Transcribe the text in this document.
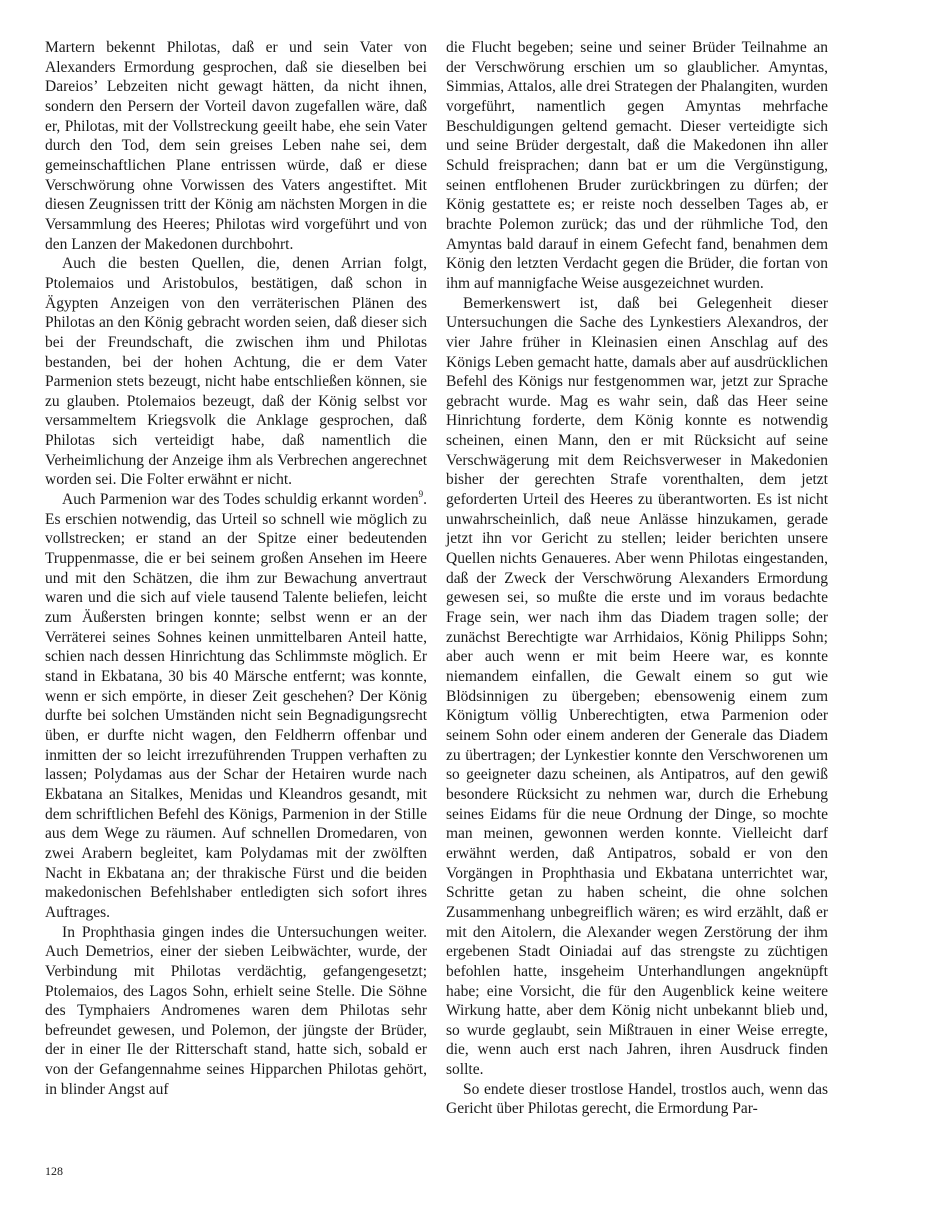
Martern bekennt Philotas, daß er und sein Vater von Alexanders Ermordung gesprochen, daß sie dieselben bei Dareios’ Lebzeiten nicht gewagt hätten, da nicht ihnen, sondern den Persern der Vorteil davon zugefallen wäre, daß er, Philotas, mit der Vollstreckung geeilt habe, ehe sein Vater durch den Tod, dem sein greises Leben nahe sei, dem gemeinschaftlichen Plane entrissen würde, daß er diese Verschwörung ohne Vorwissen des Vaters angestiftet. Mit diesen Zeugnissen tritt der König am nächsten Morgen in die Versammlung des Heeres; Philotas wird vorgeführt und von den Lanzen der Makedonen durchbohrt.

Auch die besten Quellen, die, denen Arrian folgt, Ptolemaios und Aristobulos, bestätigen, daß schon in Ägypten Anzeigen von den verräterischen Plänen des Philotas an den König gebracht worden seien, daß dieser sich bei der Freundschaft, die zwischen ihm und Philotas bestanden, bei der hohen Achtung, die er dem Vater Parmenion stets bezeugt, nicht habe entschließen können, sie zu glauben. Ptolemaios bezeugt, daß der König selbst vor versammeltem Kriegsvolk die Anklage gesprochen, daß Philotas sich verteidigt habe, daß namentlich die Verheimlichung der Anzeige ihm als Verbrechen angerechnet worden sei. Die Folter erwähnt er nicht.

Auch Parmenion war des Todes schuldig erkannt worden$^9$. Es erschien notwendig, das Urteil so schnell wie möglich zu vollstrecken; er stand an der Spitze einer bedeutenden Truppenmasse, die er bei seinem großen Ansehen im Heere und mit den Schätzen, die ihm zur Bewachung anvertraut waren und die sich auf viele tausend Talente beliefen, leicht zum Äußersten bringen konnte; selbst wenn er an der Verräterei seines Sohnes keinen unmittelbaren Anteil hatte, schien nach dessen Hinrichtung das Schlimmste möglich. Er stand in Ekbatana, 30 bis 40 Märsche entfernt; was konnte, wenn er sich empörte, in dieser Zeit geschehen? Der König durfte bei solchen Umständen nicht sein Begnadigungsrecht üben, er durfte nicht wagen, den Feldherrn offenbar und inmitten der so leicht irrezuführenden Truppen verhaften zu lassen; Polydamas aus der Schar der Hetairen wurde nach Ekbatana an Sitalkes, Menidas und Kleandros gesandt, mit dem schriftlichen Befehl des Königs, Parmenion in der Stille aus dem Wege zu räumen. Auf schnellen Dromedaren, von zwei Arabern begleitet, kam Polydamas mit der zwölften Nacht in Ekbatana an; der thrakische Fürst und die beiden makedonischen Befehlshaber entledigten sich sofort ihres Auftrages.

In Prophthasia gingen indes die Untersuchungen weiter. Auch Demetrios, einer der sieben Leibwächter, wurde, der Verbindung mit Philotas verdächtig, gefangengesetzt; Ptolemaios, des Lagos Sohn, erhielt seine Stelle. Die Söhne des Tymphaiers Andromenes waren dem Philotas sehr befreundet gewesen, und Polemon, der jüngste der Brüder, der in einer Ile der Ritterschaft stand, hatte sich, sobald er von der Gefangennahme seines Hipparchen Philotas gehört, in blinder Angst auf

die Flucht begeben; seine und seiner Brüder Teilnahme an der Verschwörung erschien um so glaublicher. Amyntas, Simmias, Attalos, alle drei Strategen der Phalangiten, wurden vorgeführt, namentlich gegen Amyntas mehrfache Beschuldigungen geltend gemacht. Dieser verteidigte sich und seine Brüder dergestalt, daß die Makedonen ihn aller Schuld freisprachen; dann bat er um die Vergünstigung, seinen entflohenen Bruder zurückbringen zu dürfen; der König gestattete es; er reiste noch desselben Tages ab, er brachte Polemon zurück; das und der rühmliche Tod, den Amyntas bald darauf in einem Gefecht fand, benahmen dem König den letzten Verdacht gegen die Brüder, die fortan von ihm auf mannigfache Weise ausgezeichnet wurden.

Bemerkenswert ist, daß bei Gelegenheit dieser Untersuchungen die Sache des Lynkestiers Alexandros, der vier Jahre früher in Kleinasien einen Anschlag auf des Königs Leben gemacht hatte, damals aber auf ausdrücklichen Befehl des Königs nur festgenommen war, jetzt zur Sprache gebracht wurde. Mag es wahr sein, daß das Heer seine Hinrichtung forderte, dem König konnte es notwendig scheinen, einen Mann, den er mit Rücksicht auf seine Verschwägerung mit dem Reichsverweser in Makedonien bisher der gerechten Strafe vorenthalten, dem jetzt geforderten Urteil des Heeres zu überantworten. Es ist nicht unwahrscheinlich, daß neue Anlässe hinzukamen, gerade jetzt ihn vor Gericht zu stellen; leider berichten unsere Quellen nichts Genaueres. Aber wenn Philotas eingestanden, daß der Zweck der Verschwörung Alexanders Ermordung gewesen sei, so mußte die erste und im voraus bedachte Frage sein, wer nach ihm das Diadem tragen solle; der zunächst Berechtigte war Arrhidaios, König Philipps Sohn; aber auch wenn er mit beim Heere war, es konnte niemandem einfallen, die Gewalt einem so gut wie Blödsinnigen zu übergeben; ebensowenig einem zum Königtum völlig Unberechtigten, etwa Parmenion oder seinem Sohn oder einem anderen der Generale das Diadem zu übertragen; der Lynkestier konnte den Verschworenen um so geeigneter dazu scheinen, als Antipatros, auf den gewiß besondere Rücksicht zu nehmen war, durch die Erhebung seines Eidams für die neue Ordnung der Dinge, so mochte man meinen, gewonnen werden konnte. Vielleicht darf erwähnt werden, daß Antipatros, sobald er von den Vorgängen in Prophthasia und Ekbatana unterrichtet war, Schritte getan zu haben scheint, die ohne solchen Zusammenhang unbegreiflich wären; es wird erzählt, daß er mit den Aitolern, die Alexander wegen Zerstörung der ihm ergebenen Stadt Oiniadai auf das strengste zu züchtigen befohlen hatte, insgeheim Unterhandlungen angeknüpft habe; eine Vorsicht, die für den Augenblick keine weitere Wirkung hatte, aber dem König nicht unbekannt blieb und, so wurde geglaubt, sein Mißtrauen in einer Weise erregte, die, wenn auch erst nach Jahren, ihren Ausdruck finden sollte.

So endete dieser trostlose Handel, trostlos auch, wenn das Gericht über Philotas gerecht, die Ermordung Par-

128
